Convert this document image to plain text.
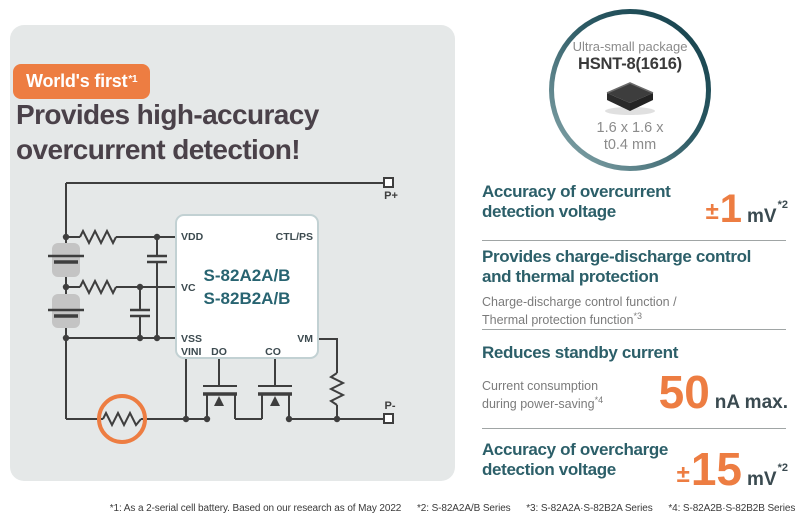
World's first$^{*1}$
Provides high-accuracy
overcurrent detection!
P+
P-
VDD	CTL/PS
VC
VSS
VINI DO	CO
VM
S-82A2A/B
S-82B2A/B
Ultra-small package
HSNT-8(1616)
1.6 x 1.6 x
t0.4 mm
Accuracy of overcurrent
detection voltage	± 1 mV
*2
Provides charge-discharge control
and thermal protection
Charge-discharge control function /
Thermal protection function$^{*3}$
Reduces standby current
Current consumption
during power-saving$^{*4}$ 50 nA max.
Accuracy of overcharge
detection voltage	± 15 mV
*2
*1: As a 2-serial cell battery. Based on our research as of May 2022 *2: S-82A2A/B Series *3: S-82A2A·S-82B2A Series *4: S-82A2B·S-82B2B Series
